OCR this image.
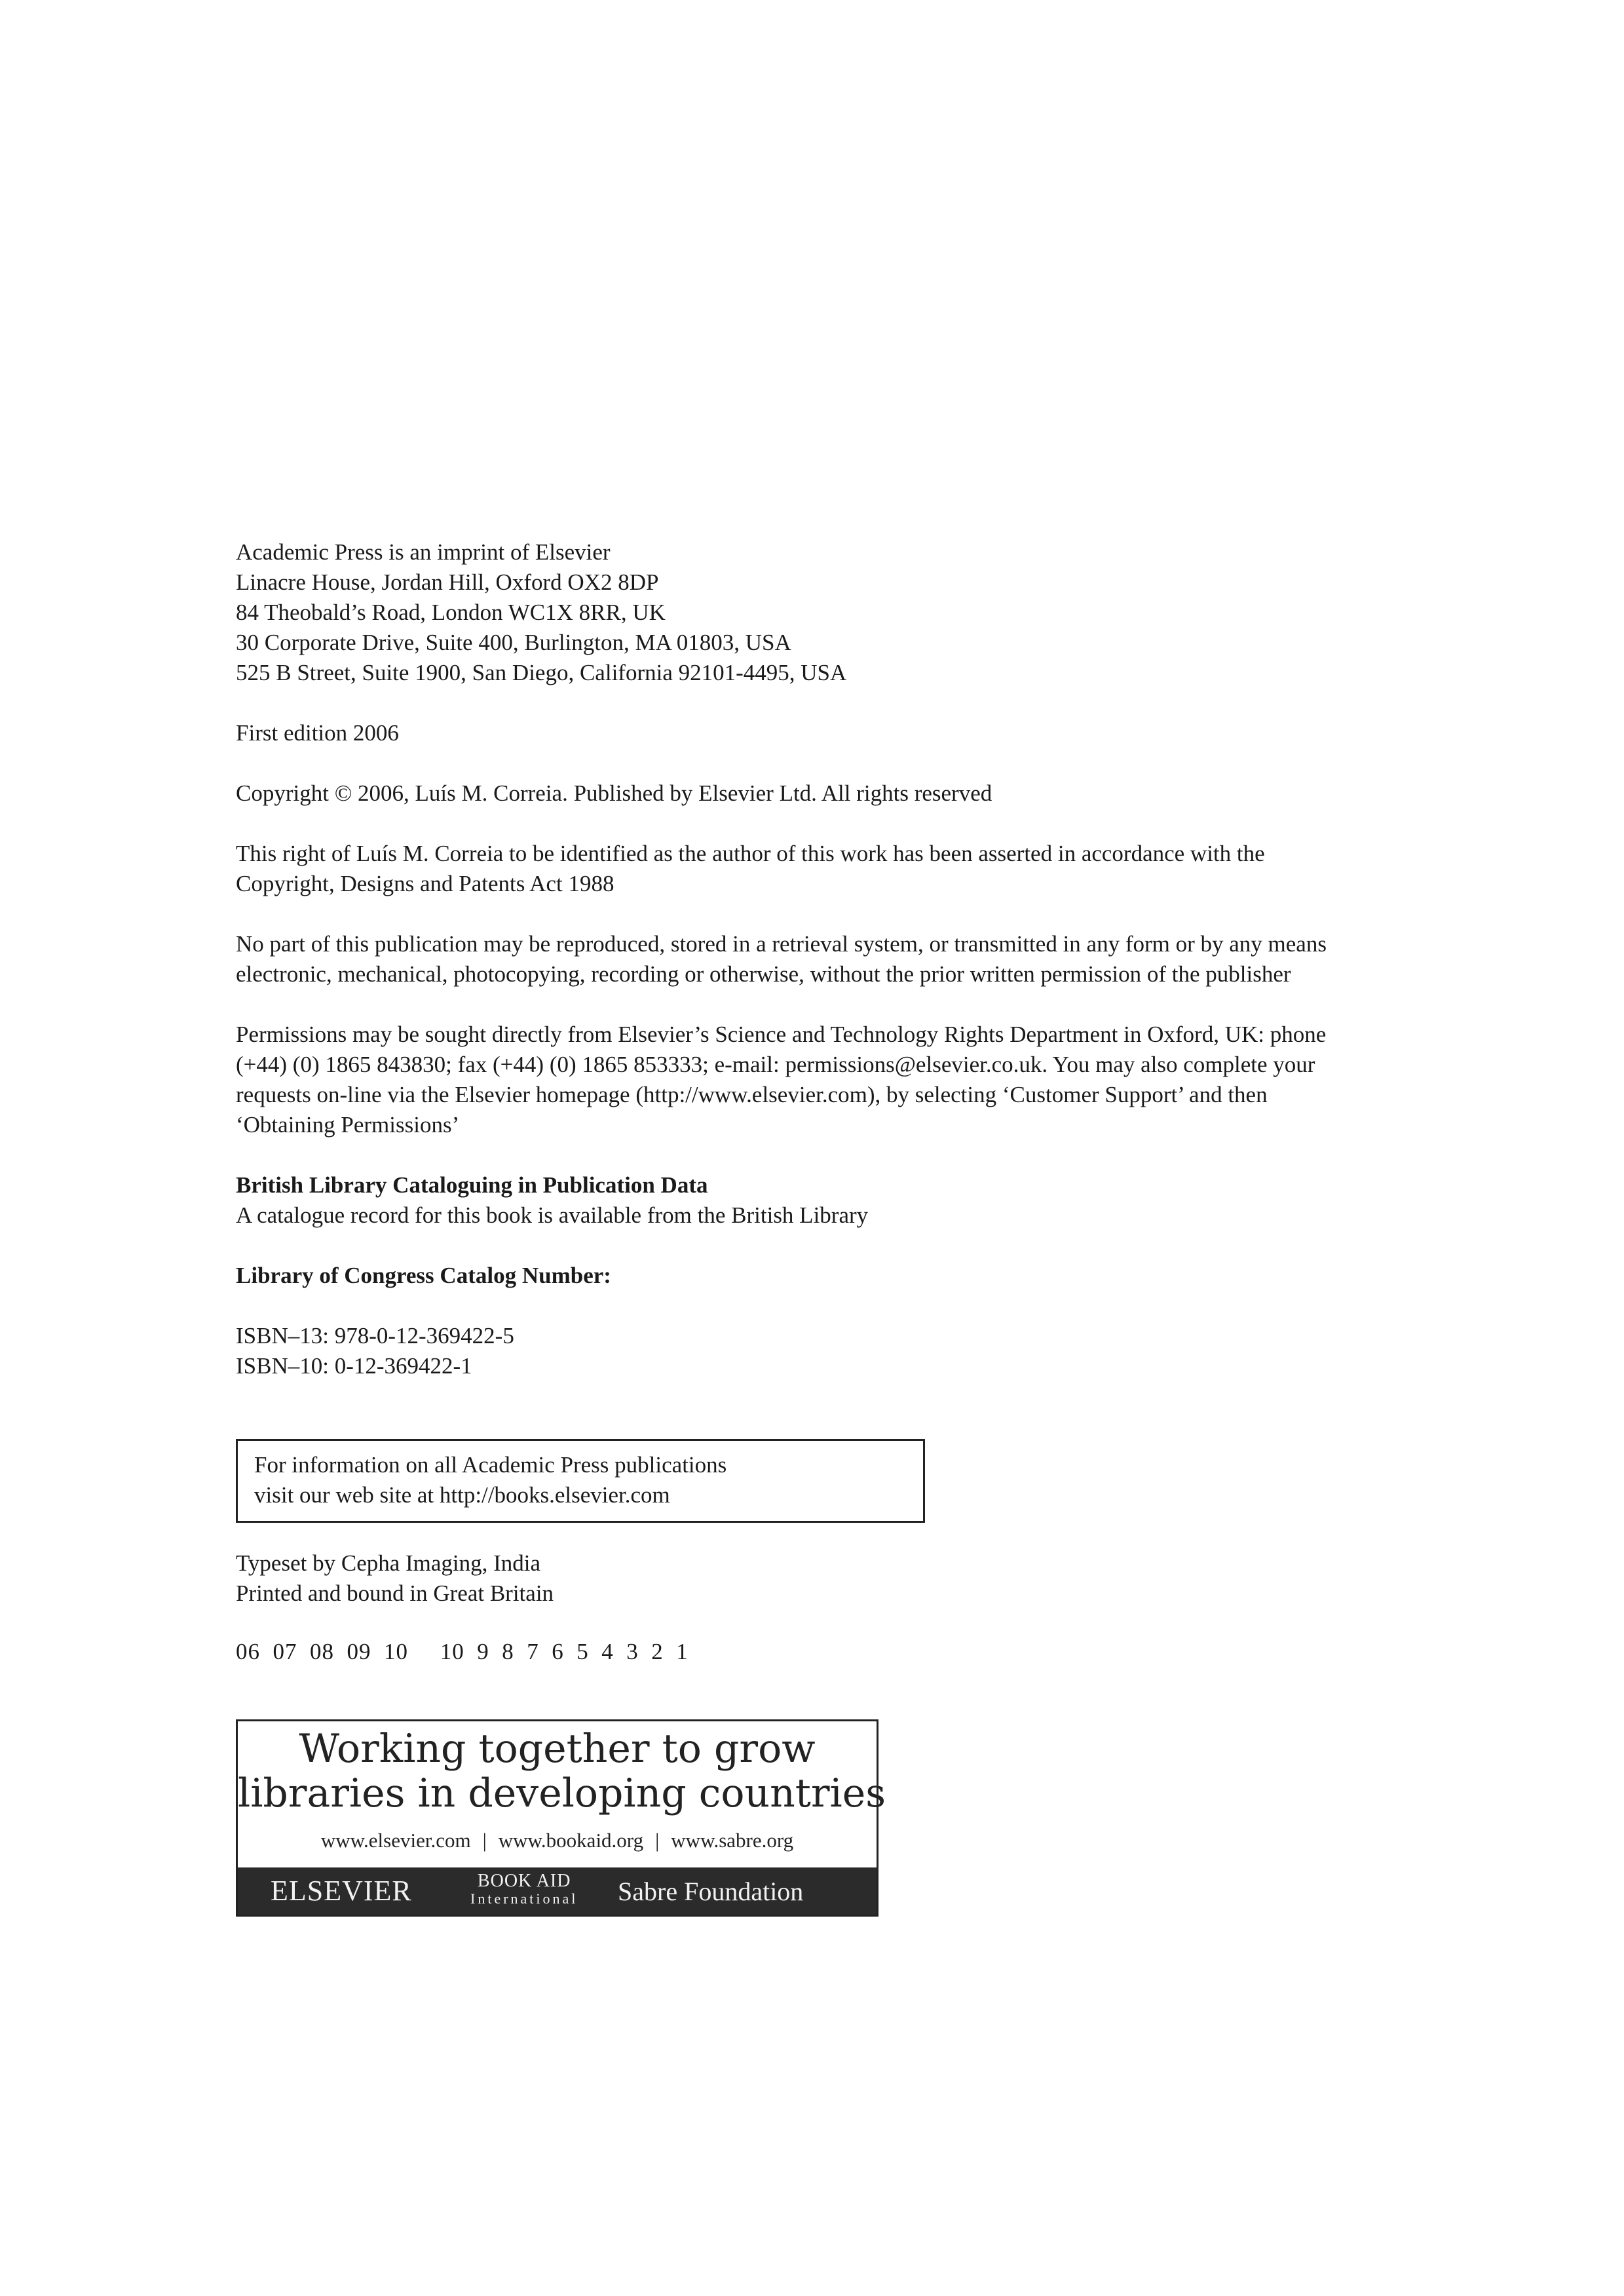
Academic Press is an imprint of Elsevier
Linacre House, Jordan Hill, Oxford OX2 8DP
84 Theobald’s Road, London WC1X 8RR, UK
30 Corporate Drive, Suite 400, Burlington, MA 01803, USA
525 B Street, Suite 1900, San Diego, California 92101-4495, USA
First edition 2006
Copyright © 2006, Luís M. Correia. Published by Elsevier Ltd. All rights reserved
This right of Luís M. Correia to be identified as the author of this work has been asserted in accordance with the Copyright, Designs and Patents Act 1988
No part of this publication may be reproduced, stored in a retrieval system, or transmitted in any form or by any means electronic, mechanical, photocopying, recording or otherwise, without the prior written permission of the publisher
Permissions may be sought directly from Elsevier’s Science and Technology Rights Department in Oxford, UK: phone (+44) (0) 1865 843830; fax (+44) (0) 1865 853333; e-mail: permissions@elsevier.co.uk. You may also complete your requests on-line via the Elsevier homepage (http://www.elsevier.com), by selecting ‘Customer Support’ and then ‘Obtaining Permissions’
British Library Cataloguing in Publication Data
A catalogue record for this book is available from the British Library
Library of Congress Catalog Number:
ISBN–13: 978-0-12-369422-5
ISBN–10: 0-12-369422-1
For information on all Academic Press publications
visit our web site at http://books.elsevier.com
Typeset by Cepha Imaging, India
Printed and bound in Great Britain
06  07  08  09  10     10  9  8  7  6  5  4  3  2  1
Working together to grow
libraries in developing countries
www.elsevier.com | www.bookaid.org | www.sabre.org
ELSEVIER	BOOK AID
International Sabre Foundation
